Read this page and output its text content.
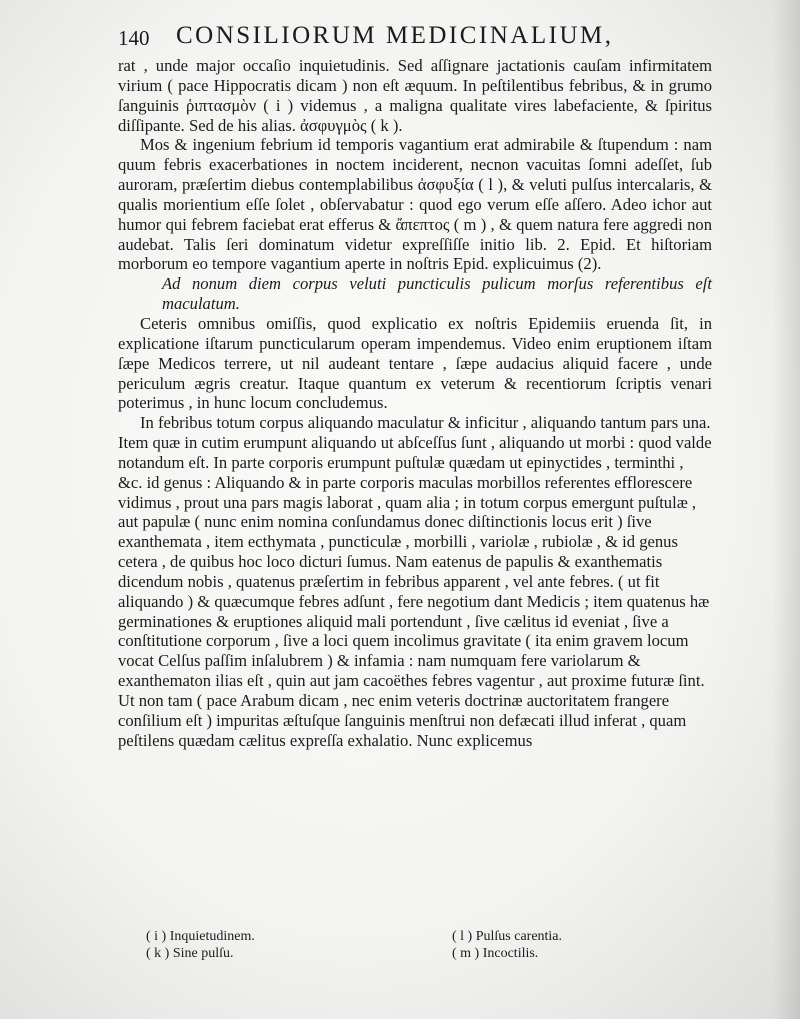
140 CONSILIORUM MEDICINALIUM,

rat , unde major occaſio inquietudinis. Sed aſſignare jactationis cauſam infirmitatem virium ( pace Hippocratis dicam ) non eſt æquum. In peſtilentibus febribus, & in grumo ſanguinis ῥιπτασμὸν ( i ) videmus , a maligna qualitate vires labefaciente, & ſpiritus diſſipante. Sed de his alias. ἀσφυγμὸς ( k ).

Mos & ingenium febrium id temporis vagantium erat admirabile & ſtupendum : nam quum febris exacerbationes in noctem inciderent, necnon vacuitas ſomni adeſſet, ſub auroram, præſertim diebus contemplabilibus ἀσφυξία ( l ), & veluti pulſus intercalaris, & qualis morientium eſſe ſolet , obſervabatur : quod ego verum eſſe aſſero. Adeo ichor aut humor qui febrem faciebat erat efferus & ἄπεπτος ( m ) , & quem natura fere aggredi non audebat. Talis ſeri dominatum videtur expreſſiſſe initio lib. 2. Epid. Et hiſtoriam morborum eo tempore vagantium aperte in noſtris Epid. explicuimus (2).

Ad nonum diem corpus veluti puncticulis pulicum morſus referentibus eſt maculatum.

Ceteris omnibus omiſſis, quod explicatio ex noſtris Epidemiis eruenda ſit, in explicatione iſtarum puncticularum operam impendemus. Video enim eruptionem iſtam ſæpe Medicos terrere, ut nil audeant tentare , ſæpe audacius aliquid facere , unde periculum ægris creatur. Itaque quantum ex veterum & recentiorum ſcriptis venari poterimus , in hunc locum concludemus.

In febribus totum corpus aliquando maculatur & inficitur , aliquando tantum pars una. Item quæ in cutim erumpunt aliquando ut abſceſſus ſunt , aliquando ut morbi : quod valde notandum eſt. In parte corporis erumpunt puſtulæ quædam ut epinyctides , terminthi , &c. id genus : Aliquando & in parte corporis maculas morbillos referentes efflorescere vidimus , prout una pars magis laborat , quam alia ; in totum corpus emergunt puſtulæ , aut papulæ ( nunc enim nomina conſundamus donec diſtinctionis locus erit ) ſive exanthemata , item ecthymata , puncticulæ , morbilli , variolæ , rubiolæ , & id genus cetera , de quibus hoc loco dicturi ſumus. Nam eatenus de papulis & exanthematis dicendum nobis , quatenus præſertim in febribus apparent , vel ante febres. ( ut fit aliquando ) & quæcumque febres adſunt , fere negotium dant Medicis ; item quatenus hæ germinationes & eruptiones aliquid mali portendunt , ſive cælitus id eveniat , ſive a conſtitutione corporum , ſive a loci quem incolimus gravitate ( ita enim gravem locum vocat Celſus paſſim inſalubrem ) & infamia : nam numquam fere variolarum & exanthematon ilias eſt , quin aut jam cacoëthes febres vagentur , aut proxime futuræ ſint. Ut non tam ( pace Arabum dicam , nec enim veteris doctrinæ auctoritatem frangere conſilium eſt ) impuritas æſtuſque ſanguinis menſtrui non defæcati illud inferat , quam peſtilens quædam cælitus expreſſa exhalatio. Nunc explicemus

( i ) Inquietudinem.
( k ) Sine pulſu.
( l ) Pulſus carentia.
( m ) Incoctilis.
